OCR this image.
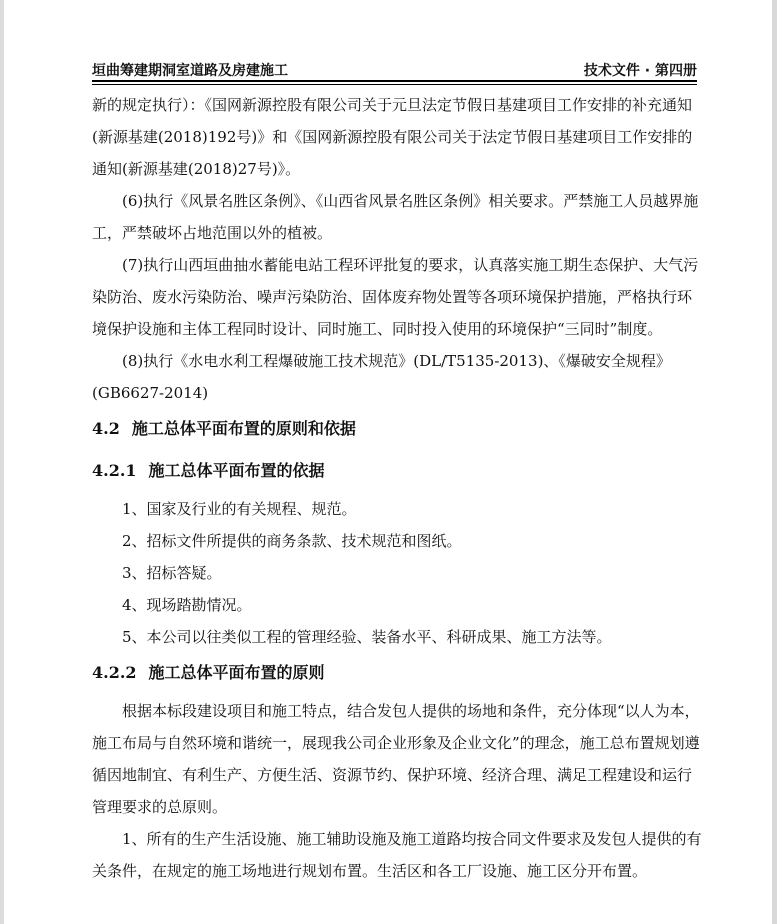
垣曲筹建期洞室道路及房建施工	技术文件 · 第四册

新的规定执行）：《国网新源控股有限公司关于元旦法定节假日基建项目工作安排的补充通知(新源基建(2018)192号)》和《国网新源控股有限公司关于法定节假日基建项目工作安排的通知(新源基建(2018)27号)》。

(6)执行《风景名胜区条例》、《山西省风景名胜区条例》相关要求。严禁施工人员越界施工，严禁破坏占地范围以外的植被。

(7)执行山西垣曲抽水蓄能电站工程环评批复的要求，认真落实施工期生态保护、大气污染防治、废水污染防治、噪声污染防治、固体废弃物处置等各项环境保护措施，严格执行环境保护设施和主体工程同时设计、同时施工、同时投入使用的环境保护“三同时”制度。

(8)执行《水电水利工程爆破施工技术规范》(DL/T5135-2013)、《爆破安全规程》(GB6627-2014)

4.2 施工总体平面布置的原则和依据
4.2.1 施工总体平面布置的依据

1、国家及行业的有关规程、规范。

2、招标文件所提供的商务条款、技术规范和图纸。

3、招标答疑。

4、现场踏勘情况。

5、本公司以往类似工程的管理经验、装备水平、科研成果、施工方法等。

4.2.2 施工总体平面布置的原则

根据本标段建设项目和施工特点，结合发包人提供的场地和条件，充分体现“以人为本，施工布局与自然环境和谐统一，展现我公司企业形象及企业文化”的理念，施工总布置规划遵循因地制宜、有利生产、方便生活、资源节约、保护环境、经济合理、满足工程建设和运行管理要求的总原则。

1、所有的生产生活设施、施工辅助设施及施工道路均按合同文件要求及发包人提供的有关条件，在规定的施工场地进行规划布置。生活区和各工厂设施、施工区分开布置。
